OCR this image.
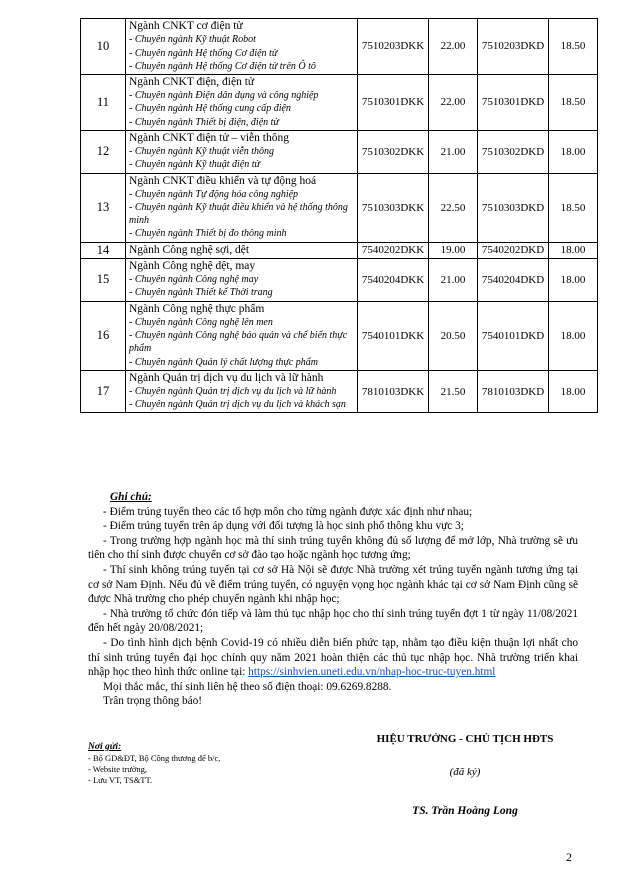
10	Ngành CNKT cơ điện tử
- Chuyên ngành Kỹ thuật Robot
- Chuyên ngành Hệ thống Cơ điện tử
- Chuyên ngành Hệ thống Cơ điện tử trên Ô tô	7510203DKK	22.00	7510203DKD	18.50
11	Ngành CNKT điện, điện tử
- Chuyên ngành Điện dân dụng và công nghiệp
- Chuyên ngành Hệ thống cung cấp điện
- Chuyên ngành Thiết bị điện, điện tử	7510301DKK	22.00	7510301DKD	18.50
12	Ngành CNKT điện tử – viễn thông
- Chuyên ngành Kỹ thuật viễn thông
- Chuyên ngành Kỹ thuật điện tử	7510302DKK	21.00	7510302DKD	18.00
13	Ngành CNKT điều khiển và tự động hoá
- Chuyên ngành Tự động hóa công nghiệp
- Chuyên ngành Kỹ thuật điều khiển và hệ thống thông minh
- Chuyên ngành Thiết bị đo thông minh	7510303DKK	22.50	7510303DKD	18.50
14	Ngành Công nghệ sợi, dệt	7540202DKK	19.00	7540202DKD	18.00
15	Ngành Công nghệ dệt, may
- Chuyên ngành Công nghệ may
- Chuyên ngành Thiết kế Thời trang	7540204DKK	21.00	7540204DKD	18.00
16	Ngành Công nghệ thực phẩm
- Chuyên ngành Công nghệ lên men
- Chuyên ngành Công nghệ bảo quản và chế biến thực phẩm
- Chuyên ngành Quản lý chất lượng thực phẩm	7540101DKK	20.50	7540101DKD	18.00
17	Ngành Quản trị dịch vụ du lịch và lữ hành
- Chuyên ngành Quản trị dịch vụ du lịch và lữ hành
- Chuyên ngành Quản trị dịch vụ du lịch và khách sạn	7810103DKK	21.50	7810103DKD	18.00

Ghi chú:

- Điểm trúng tuyển theo các tổ hợp môn cho từng ngành được xác định như nhau;

- Điểm trúng tuyển trên áp dụng với đối tượng là học sinh phổ thông khu vực 3;

- Trong trường hợp ngành học mà thí sinh trúng tuyển không đủ số lượng để mở lớp, Nhà trường sẽ ưu tiên cho thí sinh được chuyển cơ sở đào tạo hoặc ngành học tương ứng;

- Thí sinh không trúng tuyển tại cơ sở Hà Nội sẽ được Nhà trường xét trúng tuyển ngành tương ứng tại cơ sở Nam Định. Nếu đủ về điểm trúng tuyển, có nguyện vọng học ngành khác tại cơ sở Nam Định cũng sẽ được Nhà trường cho phép chuyển ngành khi nhập học;

- Nhà trường tổ chức đón tiếp và làm thủ tục nhập học cho thí sinh trúng tuyển đợt 1 từ ngày 11/08/2021 đến hết ngày 20/08/2021;

- Do tình hình dịch bệnh Covid-19 có nhiều diễn biến phức tạp, nhằm tạo điều kiện thuận lợi nhất cho thí sinh trúng tuyển đại học chính quy năm 2021 hoàn thiện các thủ tục nhập học. Nhà trường triển khai nhập học theo hình thức online tại: https://sinhvien.uneti.edu.vn/nhap-hoc-truc-tuyen.html

Mọi thắc mắc, thí sinh liên hệ theo số điện thoại: 09.6269.8288.

Trân trọng thông báo!

Nơi gửi:
- Bộ GD&ĐT, Bộ Công thương để b/c,
- Website trường,
- Lưu VT, TS&TT.
HIỆU TRƯỞNG - CHỦ TỊCH HĐTS
(đã ký)
TS. Trần Hoàng Long
2
